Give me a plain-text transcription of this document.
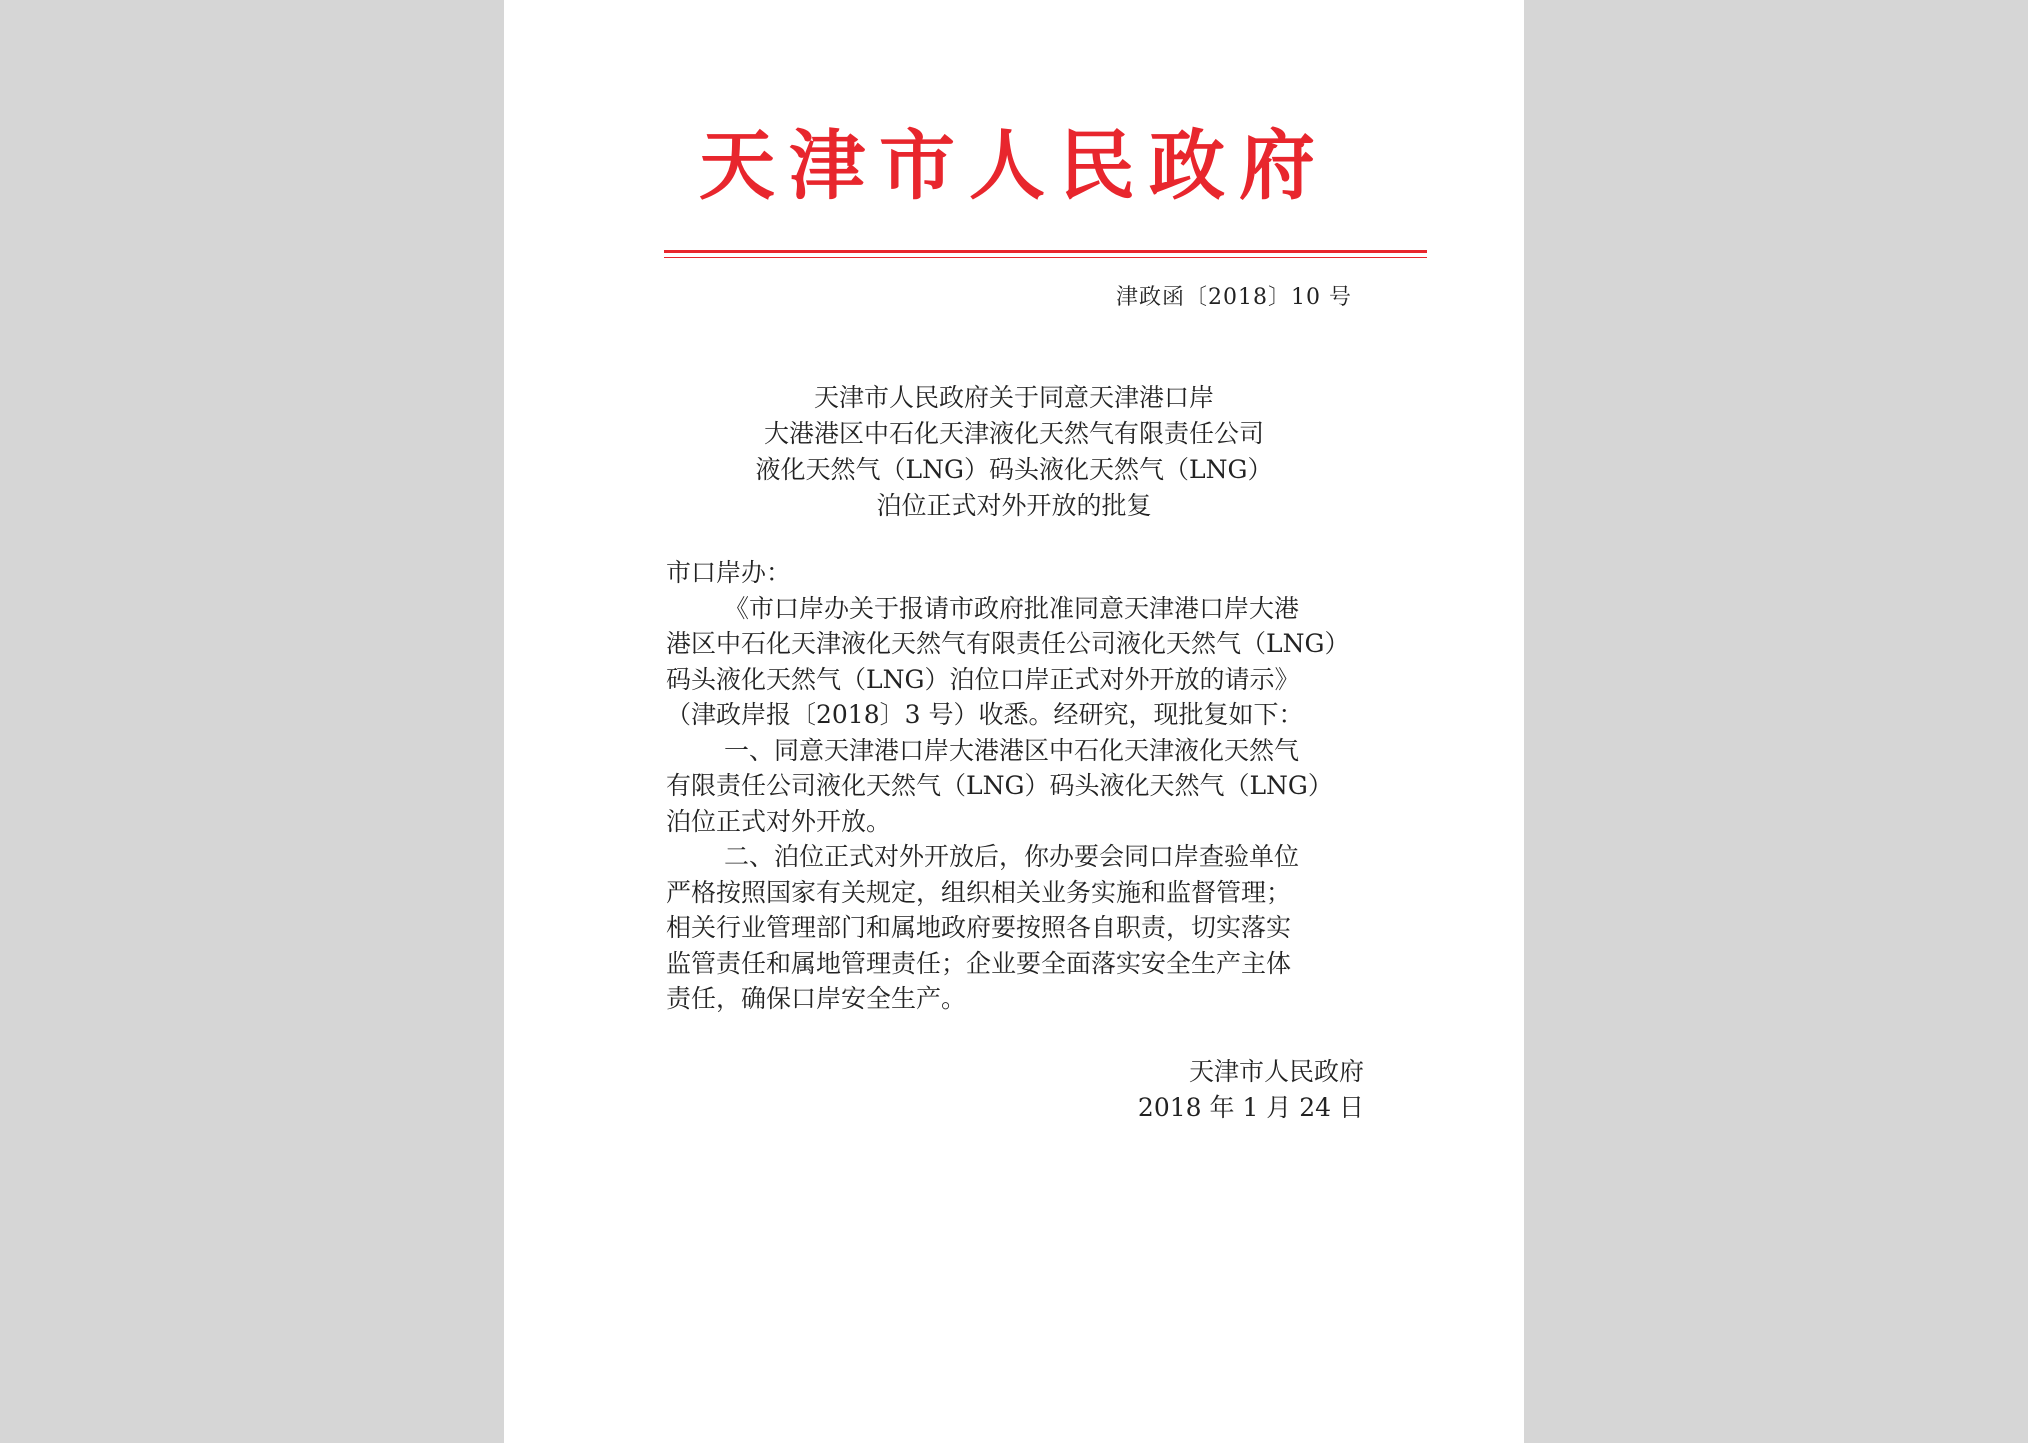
天津市人民政府
津政函〔2018〕10 号
天津市人民政府关于同意天津港口岸
大港港区中石化天津液化天然气有限责任公司
液化天然气（LNG）码头液化天然气（LNG）
泊位正式对外开放的批复
市口岸办：
《市口岸办关于报请市政府批准同意天津港口岸大港
港区中石化天津液化天然气有限责任公司液化天然气（LNG）
码头液化天然气（LNG）泊位口岸正式对外开放的请示》
（津政岸报〔2018〕3 号）收悉。经研究，现批复如下：
一、同意天津港口岸大港港区中石化天津液化天然气
有限责任公司液化天然气（LNG）码头液化天然气（LNG）
泊位正式对外开放。
二、泊位正式对外开放后，你办要会同口岸查验单位
严格按照国家有关规定，组织相关业务实施和监督管理；
相关行业管理部门和属地政府要按照各自职责，切实落实
监管责任和属地管理责任；企业要全面落实安全生产主体
责任，确保口岸安全生产。
天津市人民政府
2018 年 1 月 24 日
